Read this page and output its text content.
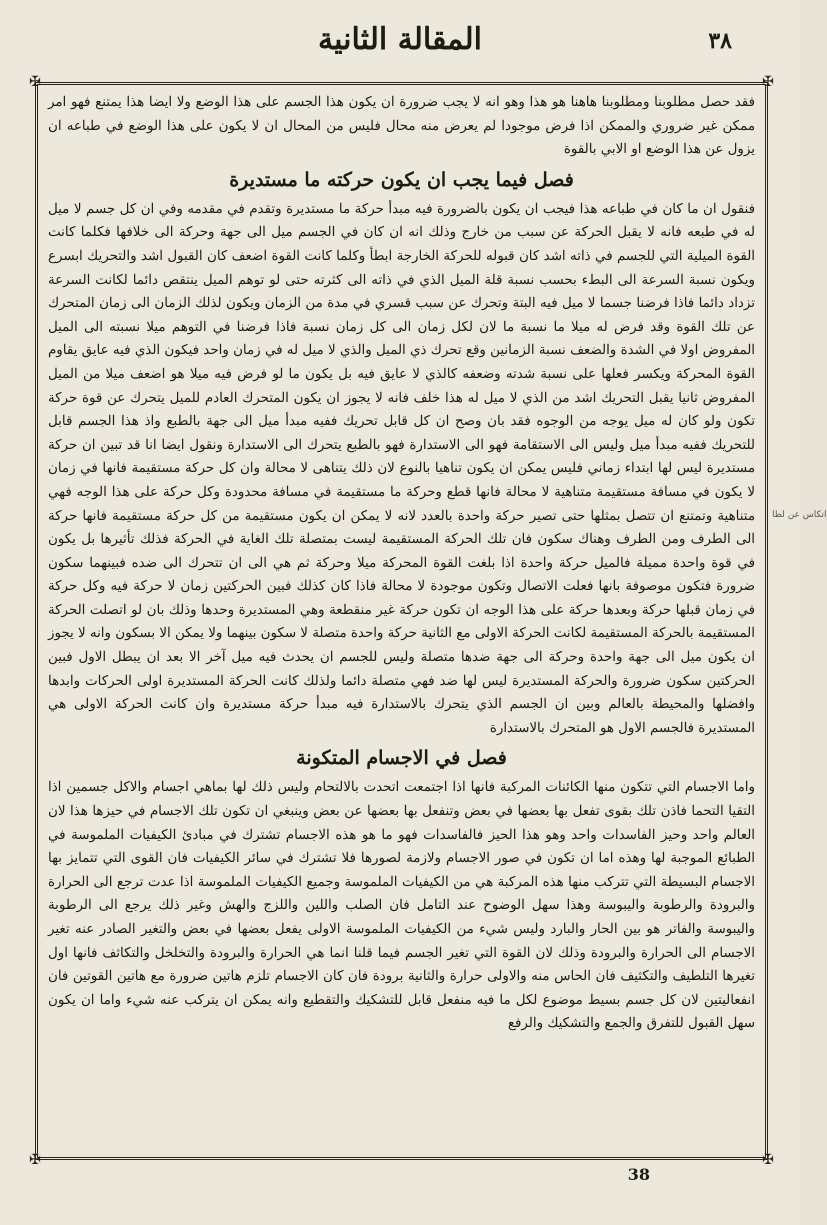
المقالة الثانية	٣٨
✠	✠
✠	✠

فقد حصل مطلوبنا ومطلوبنا هاهنا هو هذا وهو انه لا يجب ضرورة ان يكون هذا الجسم على هذا الوضع ولا ايضا هذا يمتنع فهو امر ممكن غير ضروري والممكن اذا فرض موجودا لم يعرض منه محال فليس من المحال ان لا يكون على هذا الوضع في طباعه ان يزول عن هذا الوضع او الابي بالقوة

فصل فيما يجب ان يكون حركته ما مستديرة

فنقول ان ما كان في طباعه هذا فيجب ان يكون بالضرورة فيه مبدأ حركة ما مستديرة وتقدم في مقدمه وفي ان كل جسم لا ميل له في طبعه فانه لا يقبل الحركة عن سبب من خارج وذلك انه ان كان في الجسم ميل الى جهة وحركة الى خلافها فكلما كانت القوة الميلية التي للجسم في ذاته اشد كان قبوله للحركة الخارجة ابطأ وكلما كانت القوة اضعف كان القبول اشد والتحريك ابسرع ويكون نسبة السرعة الى البطء بحسب نسبة قلة الميل الذي في ذاته الى كثرته حتى لو توهم الميل ينتقص دائما لكانت السرعة تزداد دائما فاذا فرضنا جسما لا ميل فيه البتة وتحرك عن سبب قسري في مدة من الزمان ويكون لذلك الزمان الى زمان المتحرك عن تلك القوة وقد فرض له ميلا ما نسبة ما لان لكل زمان الى كل زمان نسبة فاذا فرضنا في التوهم ميلا نسبته الى الميل المفروض اولا في الشدة والضعف نسبة الزمانين وقع تحرك ذي الميل والذي لا ميل له في زمان واحد فيكون الذي فيه عايق يقاوم القوة المحركة ويكسر فعلها على نسبة شدته وضعفه كالذي لا عايق فيه بل يكون ما لو فرض فيه ميلا هو اضعف ميلا من الميل المفروض ثانيا يقبل التحريك اشد من الذي لا ميل له هذا خلف فانه لا يجوز ان يكون المتحرك العادم للميل يتحرك عن قوة حركة تكون ولو كان له ميل يوجه من الوجوه فقد بان وصح ان كل قابل تحريك ففيه مبدأ ميل الى جهة بالطبع واذ هذا الجسم قابل للتحريك ففيه مبدأ ميل وليس الى الاستقامة فهو الى الاستدارة فهو بالطبع يتحرك الى الاستدارة ونقول ايضا انا قد تبين ان حركة مستديرة ليس لها ابتداء زماني فليس يمكن ان يكون تناهيا بالنوع لان ذلك يتناهى لا محالة وان كل حركة مستقيمة فانها في زمان لا يكون في مسافة مستقيمة متناهية لا محالة فانها قطع وحركة ما مستقيمة في مسافة محدودة وكل حركة على هذا الوجه فهي متناهية وتمتنع ان تتصل بمثلها حتى تصير حركة واحدة بالعدد لانه لا يمكن ان يكون مستقيمة من كل حركة مستقيمة فانها حركة الى الطرف ومن الطرف وهناك سكون فان تلك الحركة المستقيمة ليست بمتصلة تلك الغاية في الحركة فذلك تأثيرها بل يكون في قوة واحدة مميلة فالميل حركة واحدة اذا بلغت القوة المحركة ميلا وحركة ثم هي الى ان تتحرك الى ضده فبينهما سكون ضرورة فتكون موصوفة بانها فعلت الاتصال وتكون موجودة لا محالة فاذا كان كذلك فبين الحركتين زمان لا حركة فيه وكل حركة في زمان قبلها حركة وبعدها حركة على هذا الوجه ان تكون حركة غير منقطعة وهي المستديرة وحدها وذلك بان لو اتصلت الحركة المستقيمة بالحركة المستقيمة لكانت الحركة الاولى مع الثانية حركة واحدة متصلة لا سكون بينهما ولا يمكن الا بسكون وانه لا يجوز ان يكون ميل الى جهة واحدة وحركة الى جهة ضدها متصلة وليس للجسم ان يحدث فيه ميل آخر الا بعد ان يبطل الاول فبين الحركتين سكون ضرورة والحركة المستديرة ليس لها ضد فهي متصلة دائما ولذلك كانت الحركة المستديرة اولى الحركات وابدها وافضلها والمحيطة بالعالم وبين ان الجسم الذي يتحرك بالاستدارة فيه مبدأ حركة مستديرة وان كانت الحركة الاولى هي المستديرة فالجسم الاول هو المتحرك بالاستدارة

فصل في الاجسام المتكونة

واما الاجسام التي تتكون منها الكائنات المركبة فانها اذا اجتمعت اتحدت بالالتحام وليس ذلك لها بماهي اجسام والاكل جسمين اذا التقيا التحما فاذن تلك بقوى تفعل بها بعضها في بعض وتنفعل بها بعضها عن بعض وينبغي ان تكون تلك الاجسام في حيزها هذا لان العالم واحد وحيز الفاسدات واحد وهو هذا الحيز فالفاسدات فهو ما هو هذه الاجسام تشترك في مبادئ الكيفيات الملموسة في الطبائع الموجبة لها وهذه اما ان تكون في صور الاجسام ولازمة لصورها فلا تشترك في سائر الكيفيات فان القوى التي تتمايز بها الاجسام البسيطة التي تتركب منها هذه المركبة هي من الكيفيات الملموسة وجميع الكيفيات الملموسة اذا عدت ترجع الى الحرارة والبرودة والرطوبة واليبوسة وهذا سهل الوضوح عند التامل فان الصلب واللين واللزج والهش وغير ذلك يرجع الى الرطوبة واليبوسة والفاتر هو بين الحار والبارد وليس شيء من الكيفيات الملموسة الاولى يفعل بعضها في بعض والتغير الصادر عنه تغير الاجسام الى الحرارة والبرودة وذلك لان القوة التي تغير الجسم فيما قلنا انما هي الحرارة والبرودة والتخلخل والتكاثف فانها اول تغيرها التلطيف والتكثيف فان الحاس منه والاولى حرارة والثانية برودة فان كان الاجسام تلزم هاتين ضرورة مع هاتين القوتين فان انفعاليتين لان كل جسم بسيط موضوع لكل ما فيه منفعل قابل للتشكيك والتقطيع وانه يمكن ان يتركب عنه شيء واما ان يكون سهل القبول للتفرق والجمع والتشكيك والرفع

اتكاس عن لطا
38
